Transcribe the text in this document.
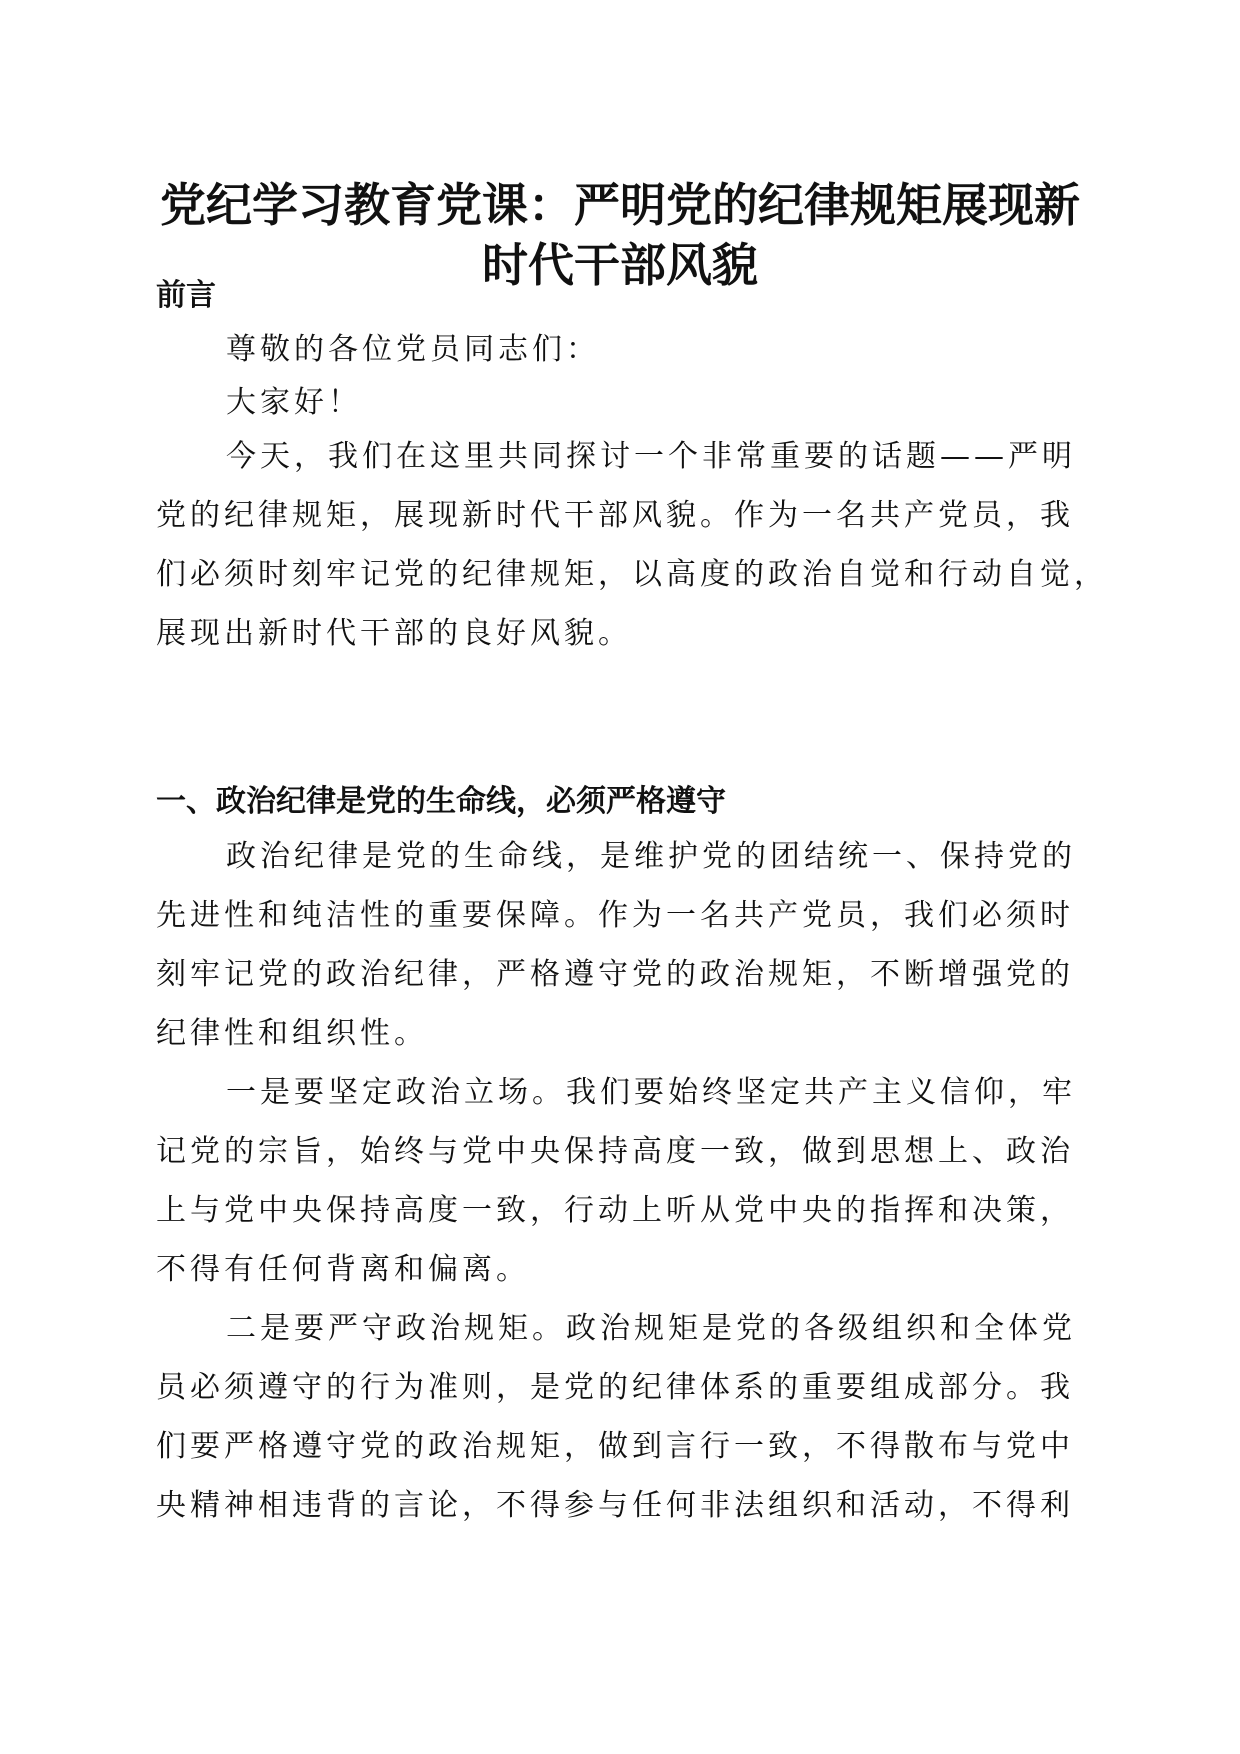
党纪学习教育党课：严明党的纪律规矩展现新
时代干部风貌
前言

尊敬的各位党员同志们：

大家好！

今天，我们在这里共同探讨一个非常重要的话题——严明
党的纪律规矩，展现新时代干部风貌。作为一名共产党员，我
们必须时刻牢记党的纪律规矩，以高度的政治自觉和行动自觉，
展现出新时代干部的良好风貌。

一、政治纪律是党的生命线，必须严格遵守

政治纪律是党的生命线，是维护党的团结统一、保持党的
先进性和纯洁性的重要保障。作为一名共产党员，我们必须时
刻牢记党的政治纪律，严格遵守党的政治规矩，不断增强党的
纪律性和组织性。

一是要坚定政治立场。我们要始终坚定共产主义信仰，牢
记党的宗旨，始终与党中央保持高度一致，做到思想上、政治
上与党中央保持高度一致，行动上听从党中央的指挥和决策，
不得有任何背离和偏离。

二是要严守政治规矩。政治规矩是党的各级组织和全体党
员必须遵守的行为准则，是党的纪律体系的重要组成部分。我
们要严格遵守党的政治规矩，做到言行一致，不得散布与党中
央精神相违背的言论，不得参与任何非法组织和活动，不得利
